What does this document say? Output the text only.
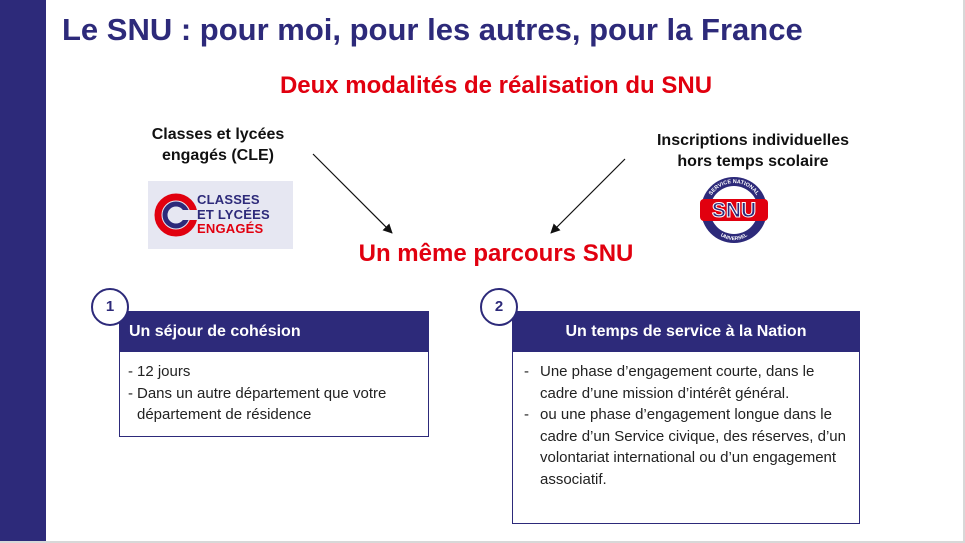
Le SNU : pour moi, pour les autres, pour la France
Deux modalités de réalisation du SNU
Classes et lycées
engagés (CLE)
Inscriptions individuelles
hors temps scolaire
CLASSES
ET LYCÉES
ENGAGÉS
SNU
SERVICE NATIONAL
UNIVERSEL
Un même parcours SNU
Un séjour de cohésion
- 12 jours
- Dans un autre département que votre département de résidence
1
Un temps de service à la Nation
- Une phase d’engagement courte, dans le cadre d’une mission d’intérêt général.
- ou une phase d’engagement longue dans le cadre d’un Service civique, des réserves, d’un volontariat international ou d’un engagement associatif.
2
